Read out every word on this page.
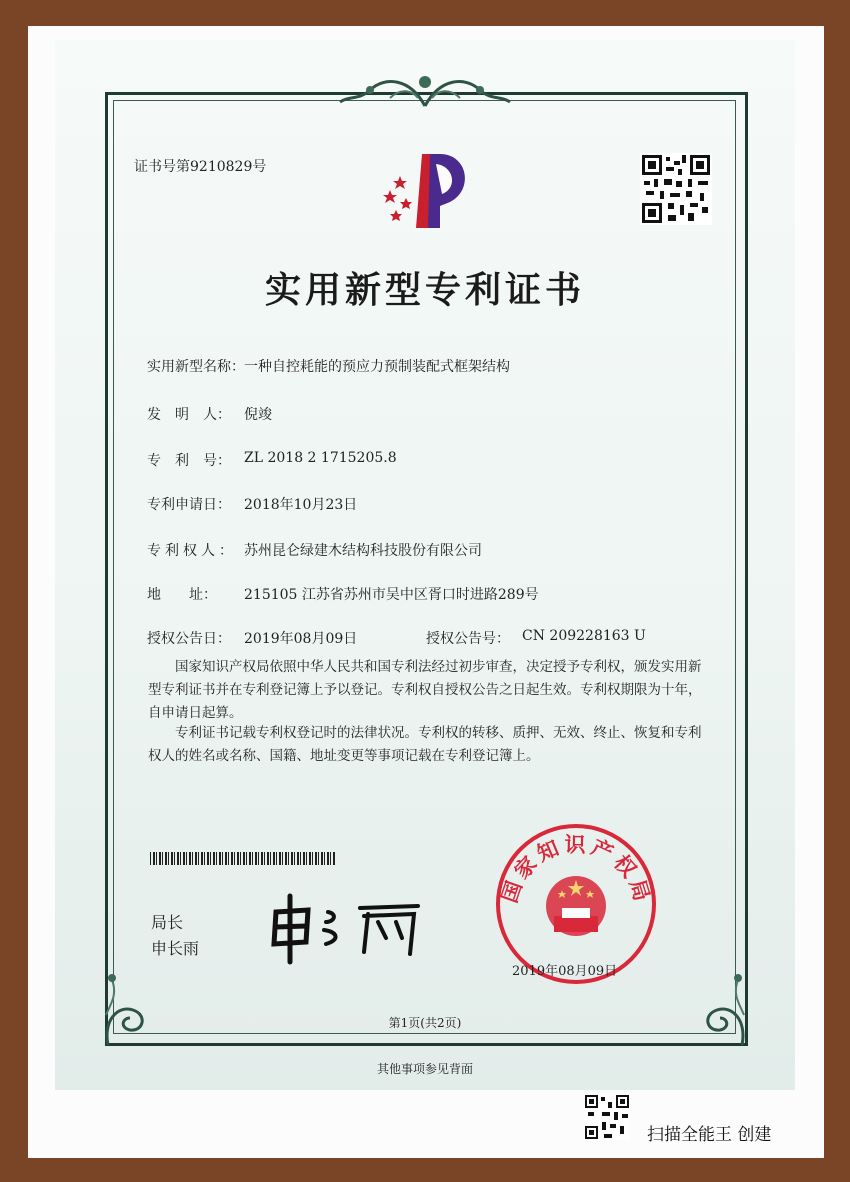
证书号第9210829号
实用新型专利证书
实用新型名称： 一种自控耗能的预应力预制装配式框架结构
发　明　人： 倪竣
专　利　号： ZL 2018 2 1715205.8
专利申请日： 2018年10月23日
专利权人： 苏州昆仑绿建木结构科技股份有限公司
地　　址： 215105 江苏省苏州市吴中区胥口时进路289号
授权公告日： 2019年08月09日	授权公告号： CN 209228163 U
国家知识产权局依照中华人民共和国专利法经过初步审查，决定授予专利权，颁发实用新型专利证书并在专利登记簿上予以登记。专利权自授权公告之日起生效。专利权期限为十年，自申请日起算。
专利证书记载专利权登记时的法律状况。专利权的转移、质押、无效、终止、恢复和专利权人的姓名或名称、国籍、地址变更等事项记载在专利登记簿上。
局长
申长雨
国家知识产权局
2019年08月09日
第1页(共2页)
其他事项参见背面
扫描全能王 创建
